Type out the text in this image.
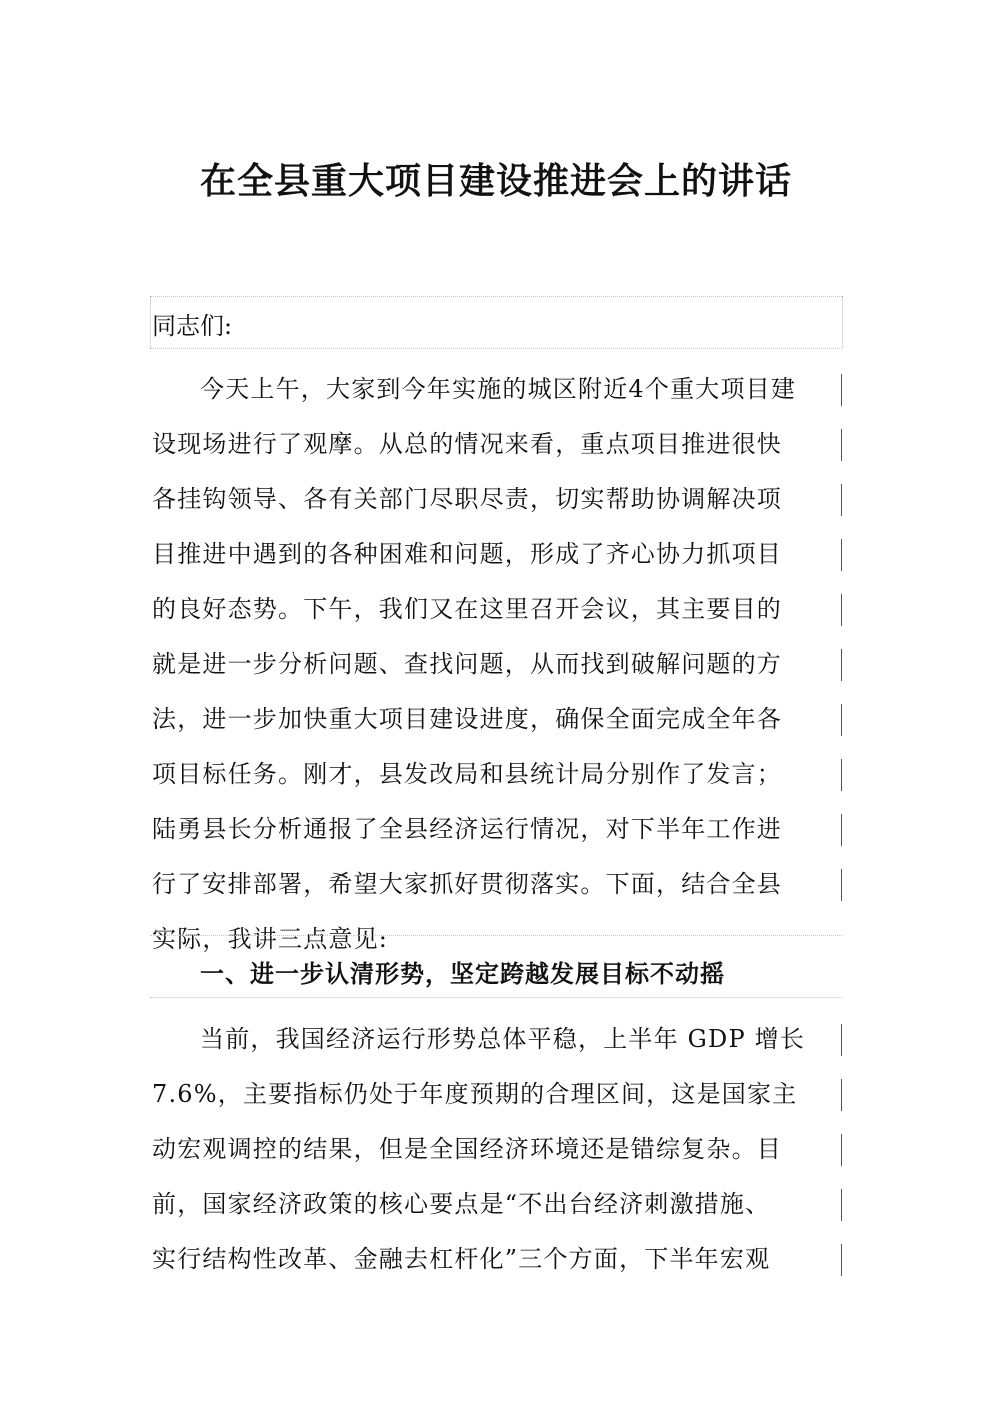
在全县重大项目建设推进会上的讲话
同志们:
今天上午，大家到今年实施的城区附近4个重大项目建
设现场进行了观摩。从总的情况来看，重点项目推进很快
各挂钩领导、各有关部门尽职尽责，切实帮助协调解决项
目推进中遇到的各种困难和问题，形成了齐心协力抓项目
的良好态势。下午，我们又在这里召开会议，其主要目的
就是进一步分析问题、查找问题，从而找到破解问题的方
法，进一步加快重大项目建设进度，确保全面完成全年各
项目标任务。刚才，县发改局和县统计局分别作了发言；
陆勇县长分析通报了全县经济运行情况，对下半年工作进
行了安排部署，希望大家抓好贯彻落实。下面，结合全县
实际，我讲三点意见:
一、进一步认清形势，坚定跨越发展目标不动摇
当前，我国经济运行形势总体平稳，上半年 GDP 增长
7.6%，主要指标仍处于年度预期的合理区间，这是国家主
动宏观调控的结果，但是全国经济环境还是错综复杂。目
前，国家经济政策的核心要点是“不出台经济刺激措施、
实行结构性改革、金融去杠杆化”三个方面，下半年宏观
